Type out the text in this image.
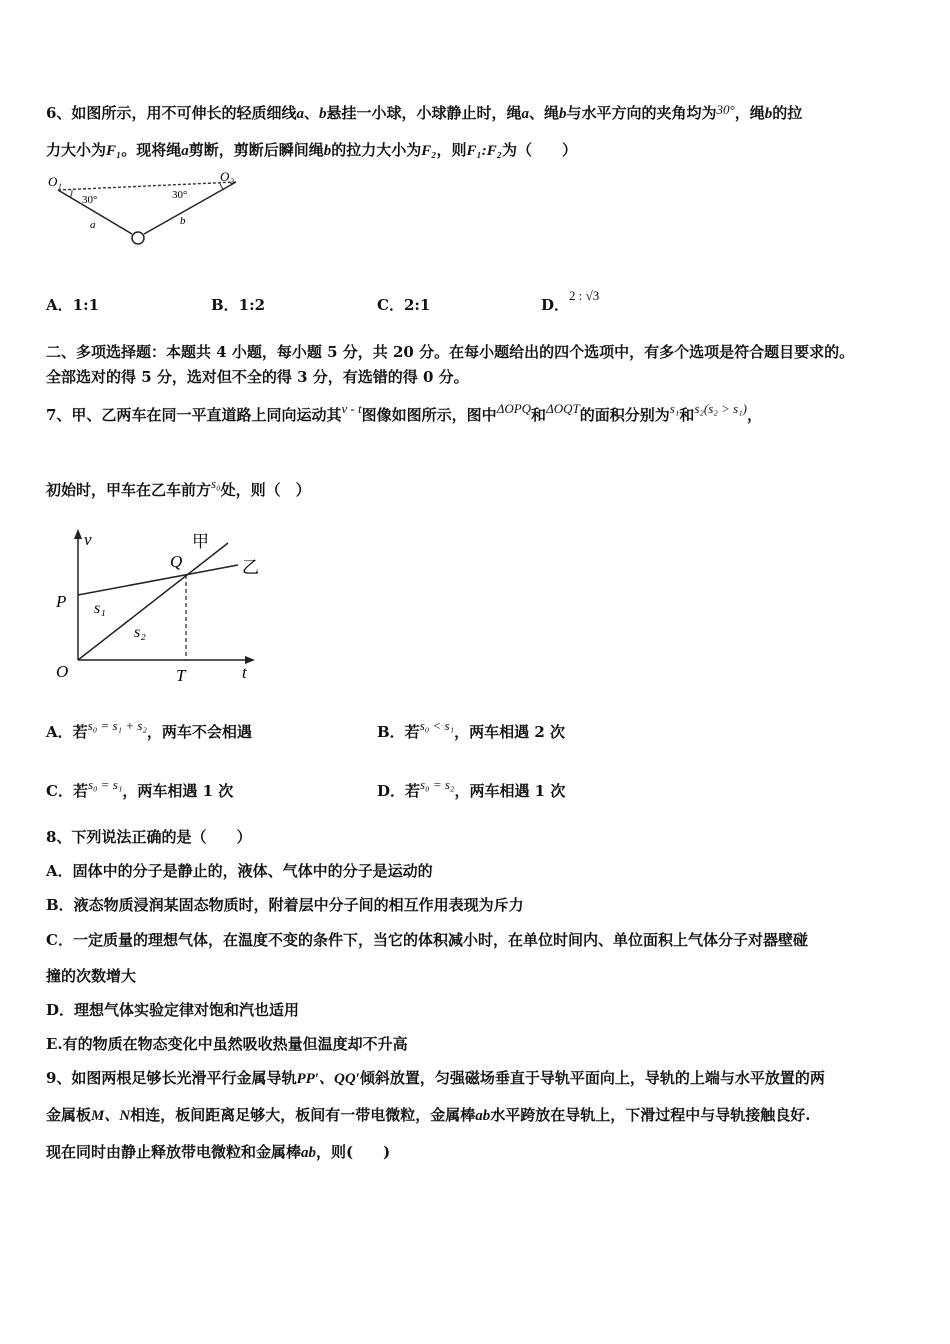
6、如图所示，用不可伸长的轻质细线a、b悬挂一小球，小球静止时，绳a、绳b与水平方向的夹角均为30°，绳b的拉
力大小为F₁。现将绳a剪断，剪断后瞬间绳b的拉力大小为F₂，则F₁:F₂为（　　）
O₁	O₂
30°	30°
a	b
A．1:1	B．1:2	C．2:1	D．2 : √3
二、多项选择题：本题共 4 小题，每小题 5 分，共 20 分。在每小题给出的四个选项中，有多个选项是符合题目要求的。
全部选对的得 5 分，选对但不全的得 3 分，有选错的得 0 分。
7、甲、乙两车在同一平直道路上同向运动其v - t图像如图所示，图中ΔOPQ和ΔOQT的面积分别为s₁和s₂(s₂ > s₁)，
初始时，甲车在乙车前方s₀处，则（　）
v
t
O
P
Q
T
甲
乙
s₁
s₂
A．若s₀ = s₁ + s₂，两车不会相遇	B．若s₀ < s₁，两车相遇 2 次
C．若s₀ = s₁，两车相遇 1 次	D．若s₀ = s₂，两车相遇 1 次
8、下列说法正确的是（　　）
A．固体中的分子是静止的，液体、气体中的分子是运动的
B．液态物质浸润某固态物质时，附着层中分子间的相互作用表现为斥力
C．一定质量的理想气体，在温度不变的条件下，当它的体积减小时，在单位时间内、单位面积上气体分子对器壁碰
撞的次数增大
D．理想气体实验定律对饱和汽也适用
E.有的物质在物态变化中虽然吸收热量但温度却不升高
9、如图两根足够长光滑平行金属导轨PP′、QQ′倾斜放置，匀强磁场垂直于导轨平面向上，导轨的上端与水平放置的两
金属板M、N相连，板间距离足够大，板间有一带电微粒，金属棒ab水平跨放在导轨上，下滑过程中与导轨接触良好.
现在同时由静止释放带电微粒和金属棒ab，则(　　)
